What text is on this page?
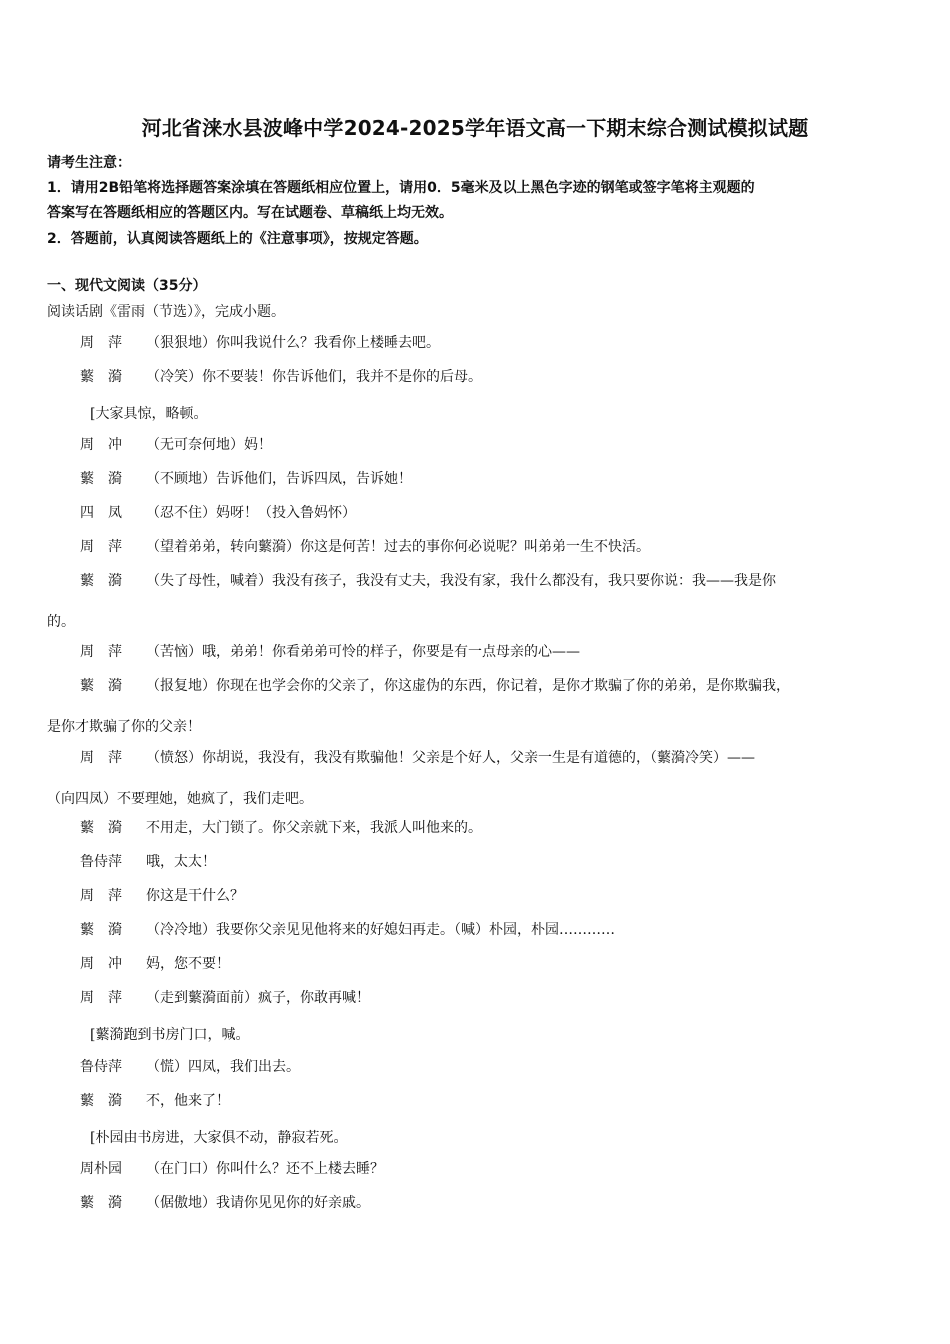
河北省涞水县波峰中学2024-2025学年语文高一下期末综合测试模拟试题
请考生注意：
1．请用2B铅笔将选择题答案涂填在答题纸相应位置上，请用0．5毫米及以上黑色字迹的钢笔或签字笔将主观题的
答案写在答题纸相应的答题区内。写在试题卷、草稿纸上均无效。
2．答题前，认真阅读答题纸上的《注意事项》，按规定答题。
一、现代文阅读（35分）
阅读话剧《雷雨（节选）》，完成小题。
周　萍 （狠狠地）你叫我说什么？我看你上楼睡去吧。
蘩　漪 （冷笑）你不要装！你告诉他们，我并不是你的后母。
[大家具惊，略顿。
周　冲 （无可奈何地）妈！
蘩　漪 （不顾地）告诉他们，告诉四凤，告诉她！
四　凤 （忍不住）妈呀！（投入鲁妈怀）
周　萍 （望着弟弟，转向蘩漪）你这是何苦！过去的事你何必说呢？叫弟弟一生不快活。
蘩　漪 （失了母性，喊着）我没有孩子，我没有丈夫，我没有家，我什么都没有，我只要你说：我——我是你
的。
周　萍 （苦恼）哦，弟弟！你看弟弟可怜的样子，你要是有一点母亲的心——
蘩　漪 （报复地）你现在也学会你的父亲了，你这虚伪的东西，你记着，是你才欺骗了你的弟弟，是你欺骗我，
是你才欺骗了你的父亲！
周　萍 （愤怒）你胡说，我没有，我没有欺骗他！父亲是个好人，父亲一生是有道德的，（蘩漪冷笑）——
（向四凤）不要理她，她疯了，我们走吧。
蘩　漪 不用走，大门锁了。你父亲就下来，我派人叫他来的。
鲁侍萍 哦，太太！
周　萍 你这是干什么？
蘩　漪 （冷冷地）我要你父亲见见他将来的好媳妇再走。（喊）朴园，朴园…………
周　冲 妈，您不要！
周　萍 （走到蘩漪面前）疯子，你敢再喊！
[蘩漪跑到书房门口，喊。
鲁侍萍 （慌）四凤，我们出去。
蘩　漪 不，他来了！
[朴园由书房进，大家俱不动，静寂若死。
周朴园 （在门口）你叫什么？还不上楼去睡？
蘩　漪 （倨傲地）我请你见见你的好亲戚。
